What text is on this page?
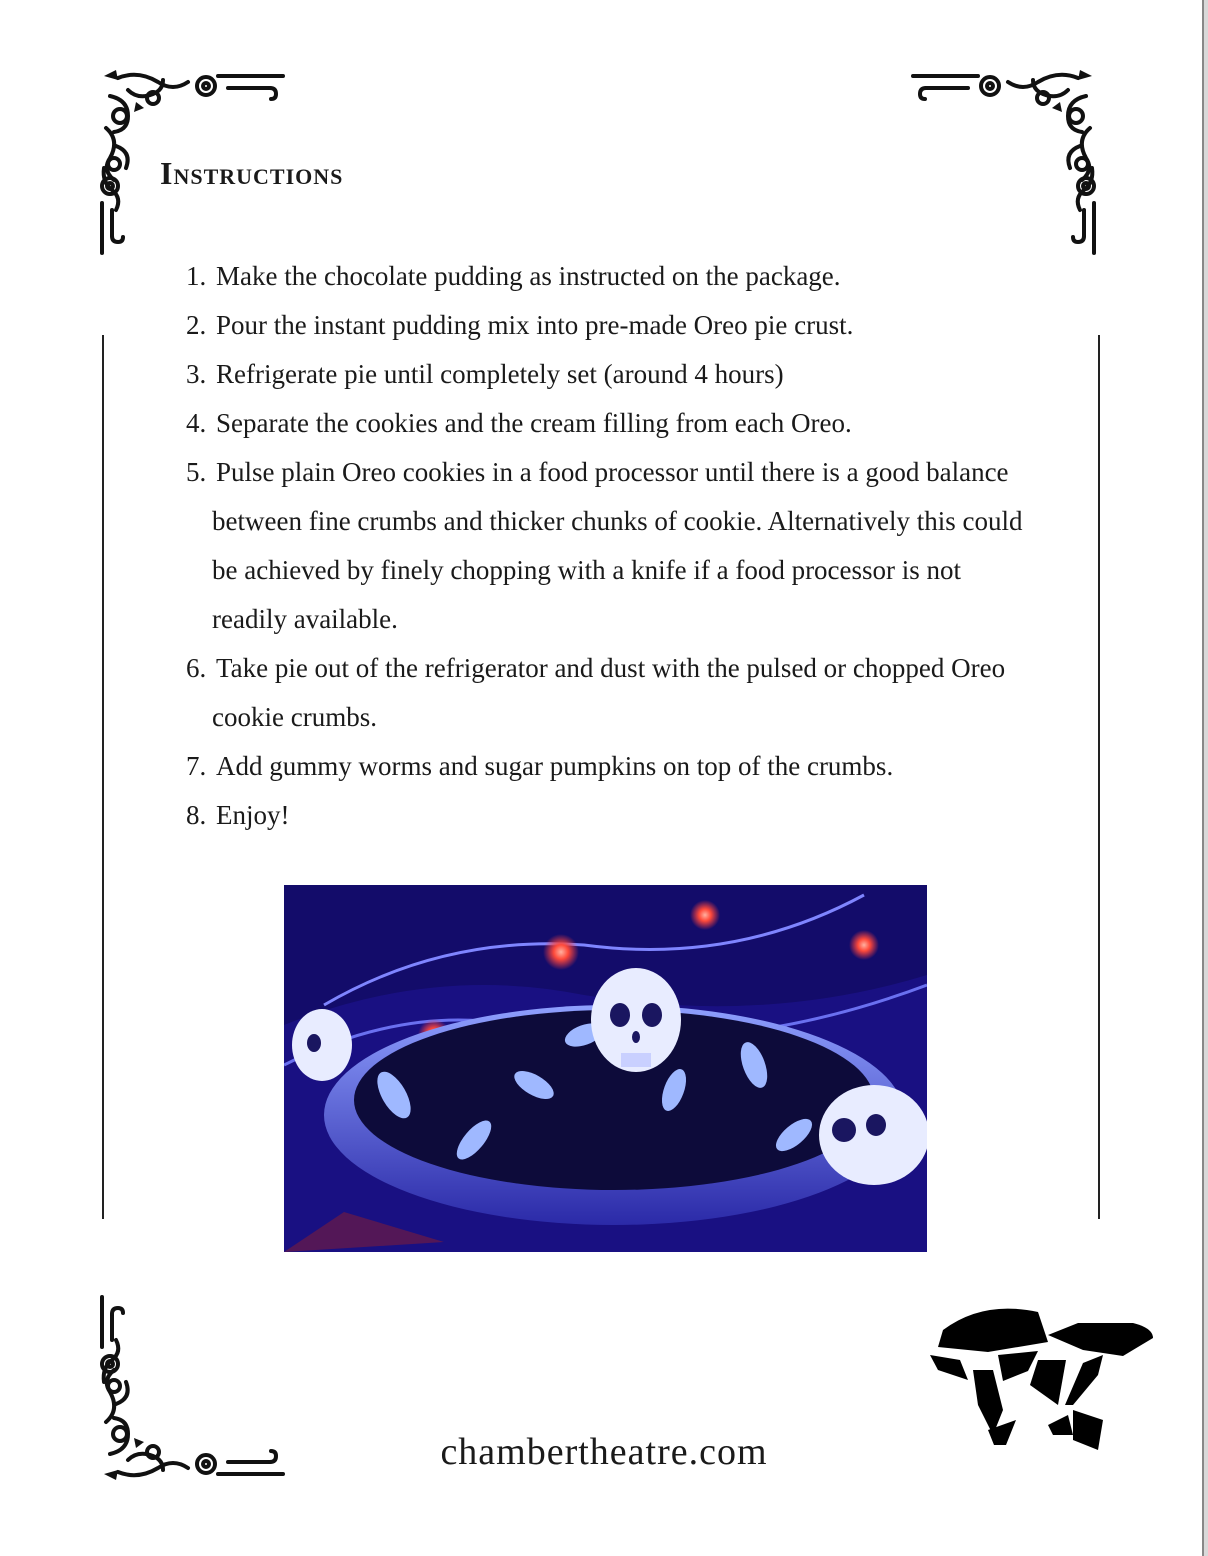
Instructions
1. Make the chocolate pudding as instructed on the package.
2. Pour the instant pudding mix into pre-made Oreo pie crust.
3. Refrigerate pie until completely set (around 4 hours)
4. Separate the cookies and the cream filling from each Oreo.
5. Pulse plain Oreo cookies in a food processor until there is a good balance between fine crumbs and thicker chunks of cookie. Alternatively this could be achieved by finely chopping with a knife if a food processor is not readily available.
6. Take pie out of the refrigerator and dust with the pulsed or chopped Oreo cookie crumbs.
7. Add gummy worms and sugar pumpkins on top of the crumbs.
8. Enjoy!
chambertheatre.com
